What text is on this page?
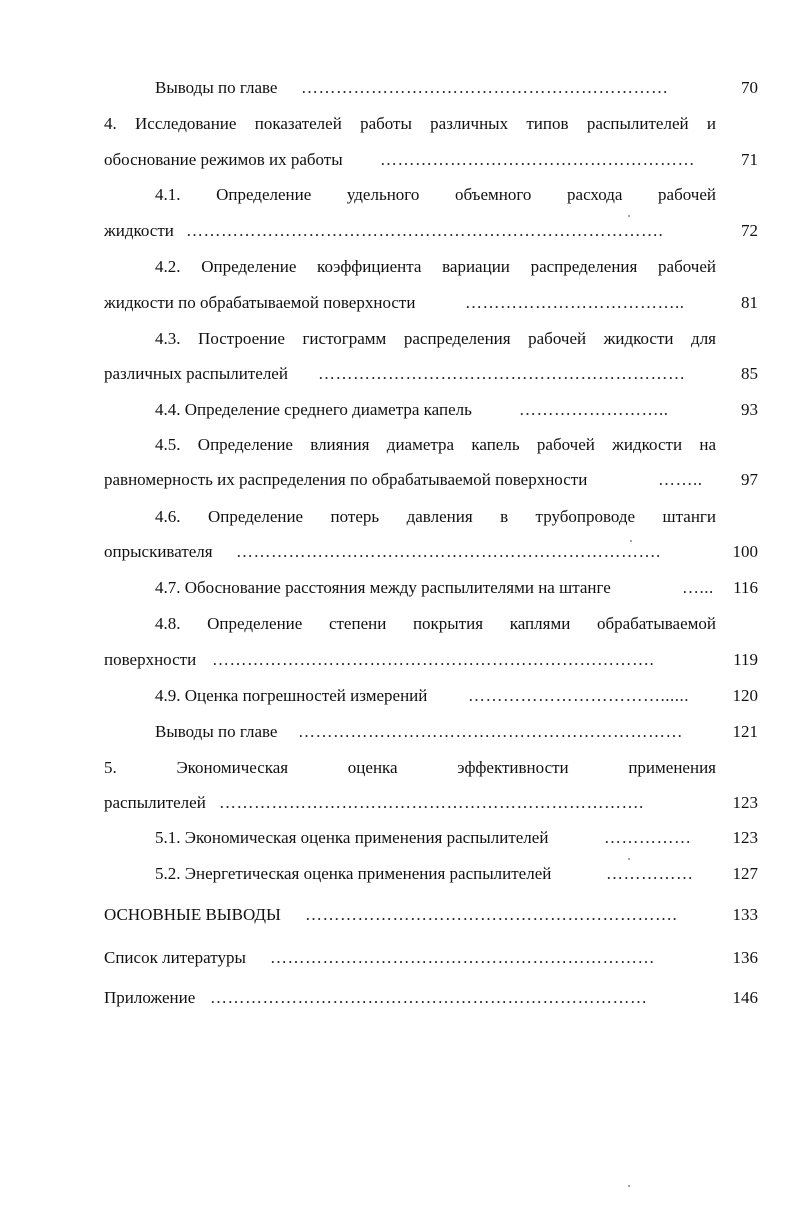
Выводы по главе ………………………………………………………	70
4. Исследование показателей работы различных типов распылителей и
обоснование режимов их работы ………………………………………………	71
4.1. Определение удельного объемного расхода рабочей
жидкости ……………………………………………………………………….	72
4.2. Определение коэффициента вариации распределения рабочей
жидкости по обрабатываемой поверхности	………………………………..	81
4.3. Построение гистограмм распределения рабочей жидкости для
различных распылителей ………………………………………………………	85
4.4. Определение среднего диаметра капель	……………………..	93
4.5. Определение влияния диаметра капель рабочей жидкости на
равномерность их распределения по обрабатываемой поверхности	……..	97
4.6. Определение потерь давления в трубопроводе штанги
опрыскивателя ……………………………………………………………….	100
4.7. Обоснование расстояния между распылителями на штанге	…...	116
4.8. Определение степени покрытия каплями обрабатываемой
поверхности ………………………………………………………………….	119
4.9. Оценка погрешностей измерений ……………………………......	120
Выводы по главе …………………………………………………………	121
5. Экономическая оценка эффективности применения
распылителей ……………………………………………………………….	123
5.1. Экономическая оценка применения распылителей	……………	123
5.2. Энергетическая оценка применения распылителей	……………	127
ОСНОВНЫЕ ВЫВОДЫ ……………………………………………………….	133
Список литературы …………………………………………………………	136
Приложение …………………………………………………………………	146
